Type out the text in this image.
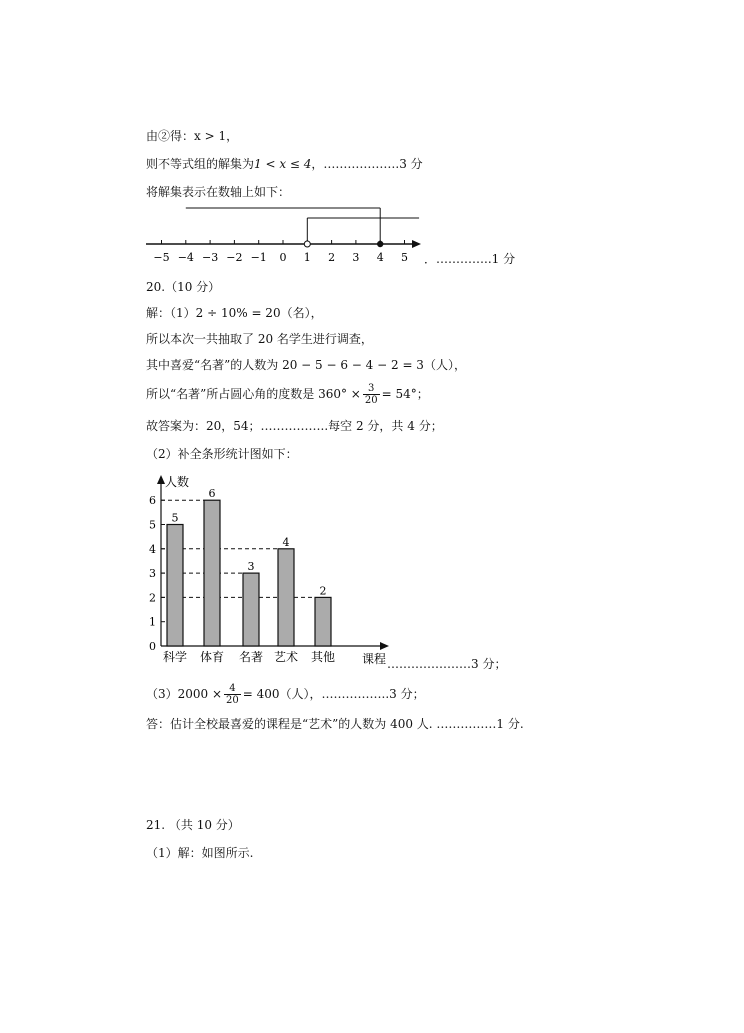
由②得：x > 1，
则不等式组的解集为1 < x ≤ 4，……………….3 分
将解集表示在数轴上如下：
−5 −4 −3 −2 −1 0 1 2 3 4 5 ．…………..1 分
20.（10 分）
解：（1）2 ÷ 10% = 20（名），
所以本次一共抽取了 20 名学生进行调查，
其中喜爱“名著”的人数为 20 − 5 − 6 − 4 − 2 = 3（人），
所以“名著”所占圆心角的度数是 $360^\circ \times \frac{3}{20} = 54^\circ$；
故答案为：20，54；……………..每空 2 分，共 4 分；
（2）补全条形统计图如下：
人数
课程
0
1
2
3
4
5
6
5
科学
6
体育
3
名著
4
艺术
2
其他	…………………3 分；
$(3)2000 \times \frac{4}{20} = 400$（人），……………..3 分；
答：估计全校最喜爱的课程是“艺术”的人数为 400 人. ……………1 分.
21. （共 10 分）
（1）解：如图所示.
